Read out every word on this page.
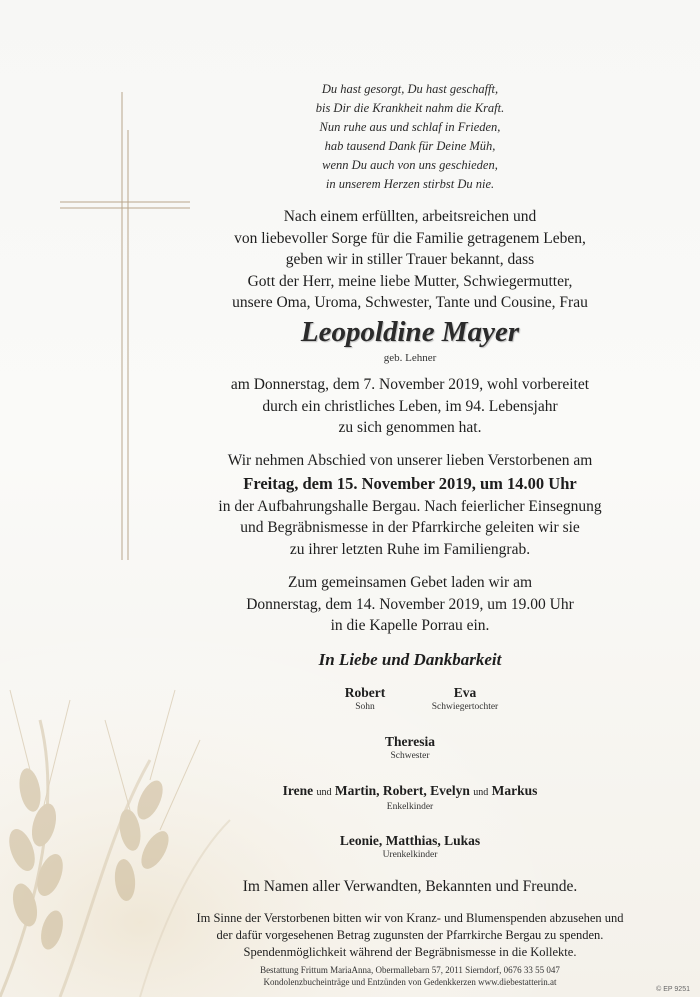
Du hast gesorgt, Du hast geschafft,
bis Dir die Krankheit nahm die Kraft.
Nun ruhe aus und schlaf in Frieden,
hab tausend Dank für Deine Müh,
wenn Du auch von uns geschieden,
in unserem Herzen stirbst Du nie.
Nach einem erfüllten, arbeitsreichen und
von liebevoller Sorge für die Familie getragenem Leben,
geben wir in stiller Trauer bekannt, dass
Gott der Herr, meine liebe Mutter, Schwiegermutter,
unsere Oma, Uroma, Schwester, Tante und Cousine, Frau
Leopoldine Mayer
geb. Lehner
am Donnerstag, dem 7. November 2019, wohl vorbereitet
durch ein christliches Leben, im 94. Lebensjahr
zu sich genommen hat.
Wir nehmen Abschied von unserer lieben Verstorbenen am
Freitag, dem 15. November 2019, um 14.00 Uhr
in der Aufbahrungshalle Bergau. Nach feierlicher Einsegnung
und Begräbnismesse in der Pfarrkirche geleiten wir sie
zu ihrer letzten Ruhe im Familiengrab.
Zum gemeinsamen Gebet laden wir am
Donnerstag, dem 14. November 2019, um 19.00 Uhr
in die Kapelle Porrau ein.
In Liebe und Dankbarkeit
Robert
Sohn
Eva
Schwiegertochter
Theresia
Schwester
Irene und Martin, Robert, Evelyn und Markus
Enkelkinder
Leonie, Matthias, Lukas
Urenkelkinder
Im Namen aller Verwandten, Bekannten und Freunde.
Im Sinne der Verstorbenen bitten wir von Kranz- und Blumenspenden abzusehen und
der dafür vorgesehenen Betrag zugunsten der Pfarrkirche Bergau zu spenden.
Spendenmöglichkeit während der Begräbnismesse in die Kollekte.
Bestattung Frittum MariaAnna, Obermallebarn 57, 2011 Sierndorf, 0676 33 55 047
Kondolenzbucheinträge und Entzünden von Gedenkkerzen www.diebestatterin.at
© EP 9251
